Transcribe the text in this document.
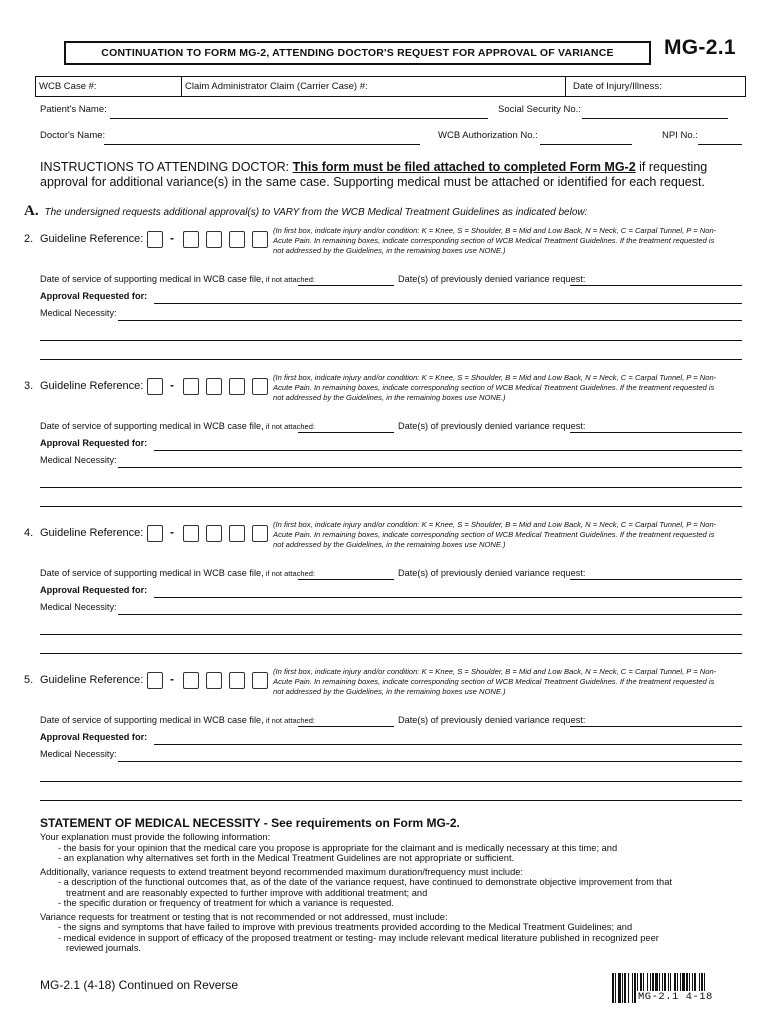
CONTINUATION TO FORM MG-2, ATTENDING DOCTOR'S REQUEST FOR APPROVAL OF VARIANCE	MG-2.1
WCB Case #:	Claim Administrator Claim (Carrier Case) #:	Date of Injury/Illness:
Patient's Name:	Social Security No.:
Doctor's Name:	WCB Authorization No.:	NPI No.:
INSTRUCTIONS TO ATTENDING DOCTOR: This form must be filed attached to completed Form MG-2 if requesting approval for additional variance(s) in the same case. Supporting medical must be attached or identified for each request.
A. The undersigned requests additional approval(s) to VARY from the WCB Medical Treatment Guidelines as indicated below:
2. Guideline Reference: -
(In first box, indicate injury and/or condition: K = Knee, S = Shoulder, B = Mid and Low Back, N = Neck, C = Carpal Tunnel, P = Non-Acute Pain. In remaining boxes, indicate corresponding section of WCB Medical Treatment Guidelines. If the treatment requested is not addressed by the Guidelines, in the remaining boxes use NONE.)
Date of service of supporting medical in WCB case file, if not attached:	Date(s) of previously denied variance request:
Approval Requested for:
Medical Necessity:
3. Guideline Reference: -
(In first box, indicate injury and/or condition: K = Knee, S = Shoulder, B = Mid and Low Back, N = Neck, C = Carpal Tunnel, P = Non-Acute Pain. In remaining boxes, indicate corresponding section of WCB Medical Treatment Guidelines. If the treatment requested is not addressed by the Guidelines, in the remaining boxes use NONE.)
Date of service of supporting medical in WCB case file, if not attached:	Date(s) of previously denied variance request:
Approval Requested for:
Medical Necessity:
4. Guideline Reference: -
(In first box, indicate injury and/or condition: K = Knee, S = Shoulder, B = Mid and Low Back, N = Neck, C = Carpal Tunnel, P = Non-Acute Pain. In remaining boxes, indicate corresponding section of WCB Medical Treatment Guidelines. If the treatment requested is not addressed by the Guidelines, in the remaining boxes use NONE.)
Date of service of supporting medical in WCB case file, if not attached:	Date(s) of previously denied variance request:
Approval Requested for:
Medical Necessity:
5. Guideline Reference: -
(In first box, indicate injury and/or condition: K = Knee, S = Shoulder, B = Mid and Low Back, N = Neck, C = Carpal Tunnel, P = Non-Acute Pain. In remaining boxes, indicate corresponding section of WCB Medical Treatment Guidelines. If the treatment requested is not addressed by the Guidelines, in the remaining boxes use NONE.)
Date of service of supporting medical in WCB case file, if not attached:	Date(s) of previously denied variance request:
Approval Requested for:
Medical Necessity:
STATEMENT OF MEDICAL NECESSITY - See requirements on Form MG-2.
Your explanation must provide the following information:
- the basis for your opinion that the medical care you propose is appropriate for the claimant and is medically necessary at this time; and
- an explanation why alternatives set forth in the Medical Treatment Guidelines are not appropriate or sufficient.
Additionally, variance requests to extend treatment beyond recommended maximum duration/frequency must include:
- a description of the functional outcomes that, as of the date of the variance request, have continued to demonstrate objective improvement from that
treatment and are reasonably expected to further improve with additional treatment; and
- the specific duration or frequency of treatment for which a variance is requested.
Variance requests for treatment or testing that is not recommended or not addressed, must include:
- the signs and symptoms that have failed to improve with previous treatments provided according to the Medical Treatment Guidelines; and
- medical evidence in support of efficacy of the proposed treatment or testing- may include relevant medical literature published in recognized peer
reviewed journals.
MG-2.1 (4-18) Continued on Reverse
MG-2.1 4-18
